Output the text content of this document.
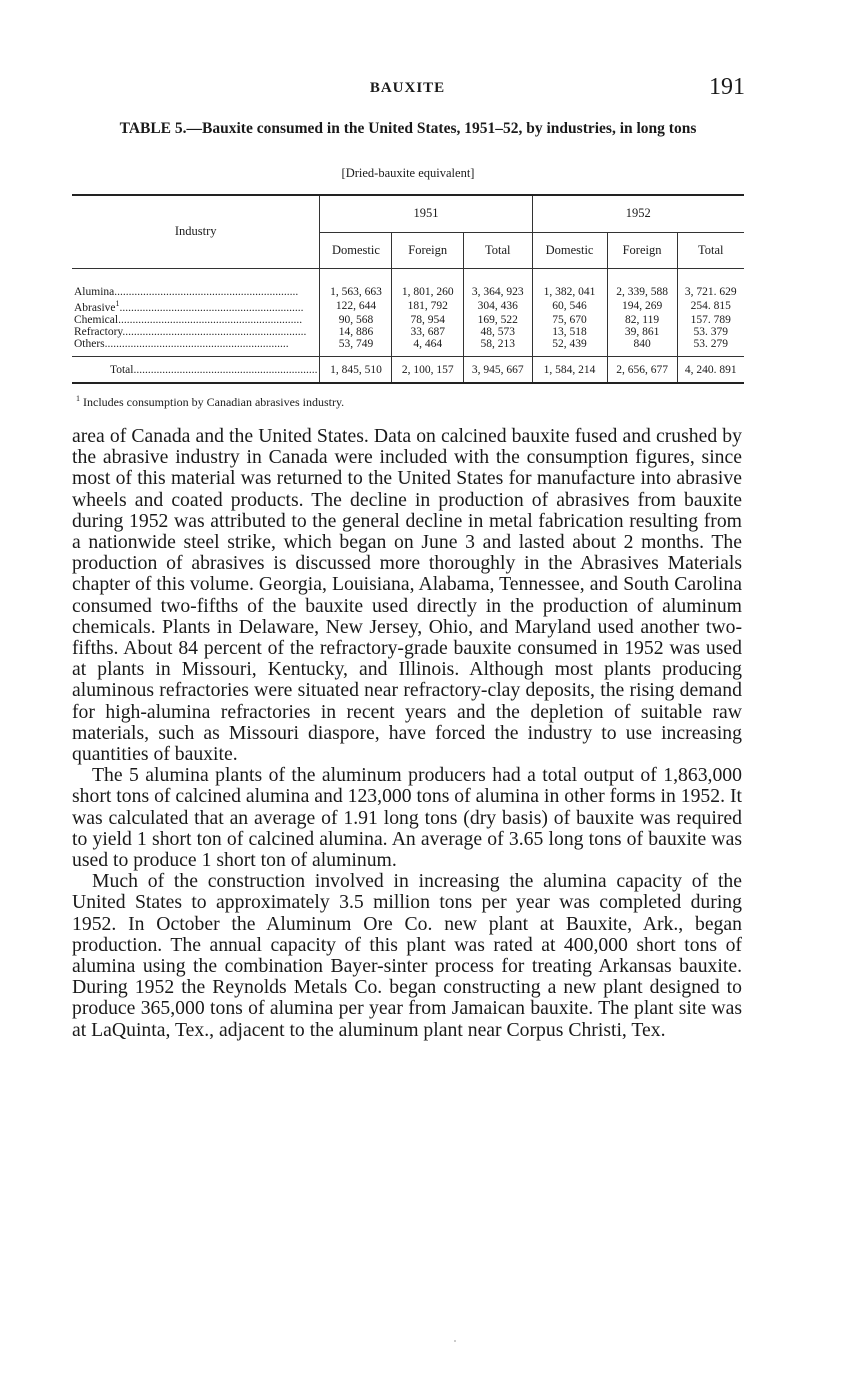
BAUXITE	191
TABLE 5.—Bauxite consumed in the United States, 1951–52, by industries, in long tons
[Dried-bauxite equivalent]
Industry	1951			1952		
	Domestic	Foreign	Total	Domestic	Foreign	Total

Alumina .....	1, 563, 663	1, 801, 260	3, 364, 923	1, 382, 041	2, 339, 588	3, 721. 629
Abrasive$^1$ .....	122, 644	181, 792	304, 436	60, 546	194, 269	254. 815
Chemical .....	90, 568	78, 954	169, 522	75, 670	82, 119	157. 789
Refractory .....	14, 886	33, 687	48, 573	13, 518	39, 861	53. 379
Others .....	53, 749	4, 464	58, 213	52, 439	840	53. 279

Total .....	1, 845, 510	2, 100, 157	3, 945, 667	1, 584, 214	2, 656, 677	4, 240. 891
$^1$ Includes consumption by Canadian abrasives industry.

area of Canada and the United States. Data on calcined bauxite fused and crushed by the abrasive industry in Canada were included with the consumption figures, since most of this material was returned to the United States for manufacture into abrasive wheels and coated products. The decline in production of abrasives from bauxite during 1952 was attributed to the general decline in metal fabrication resulting from a nationwide steel strike, which began on June 3 and lasted about 2 months. The production of abrasives is discussed more thoroughly in the Abrasives Materials chapter of this volume. Georgia, Louisiana, Alabama, Tennessee, and South Carolina consumed two-fifths of the bauxite used directly in the production of aluminum chemicals. Plants in Delaware, New Jersey, Ohio, and Maryland used another two-fifths. About 84 percent of the refractory-grade bauxite consumed in 1952 was used at plants in Missouri, Kentucky, and Illinois. Although most plants producing aluminous refractories were situated near refractory-clay deposits, the rising demand for high-alumina refractories in recent years and the depletion of suitable raw materials, such as Missouri diaspore, have forced the industry to use increasing quantities of bauxite.

The 5 alumina plants of the aluminum producers had a total output of 1,863,000 short tons of calcined alumina and 123,000 tons of alumina in other forms in 1952. It was calculated that an average of 1.91 long tons (dry basis) of bauxite was required to yield 1 short ton of calcined alumina. An average of 3.65 long tons of bauxite was used to produce 1 short ton of aluminum.

Much of the construction involved in increasing the alumina capacity of the United States to approximately 3.5 million tons per year was completed during 1952. In October the Aluminum Ore Co. new plant at Bauxite, Ark., began production. The annual capacity of this plant was rated at 400,000 short tons of alumina using the combination Bayer-sinter process for treating Arkansas bauxite. During 1952 the Reynolds Metals Co. began constructing a new plant designed to produce 365,000 tons of alumina per year from Jamaican bauxite. The plant site was at LaQuinta, Tex., adjacent to the aluminum plant near Corpus Christi, Tex.
